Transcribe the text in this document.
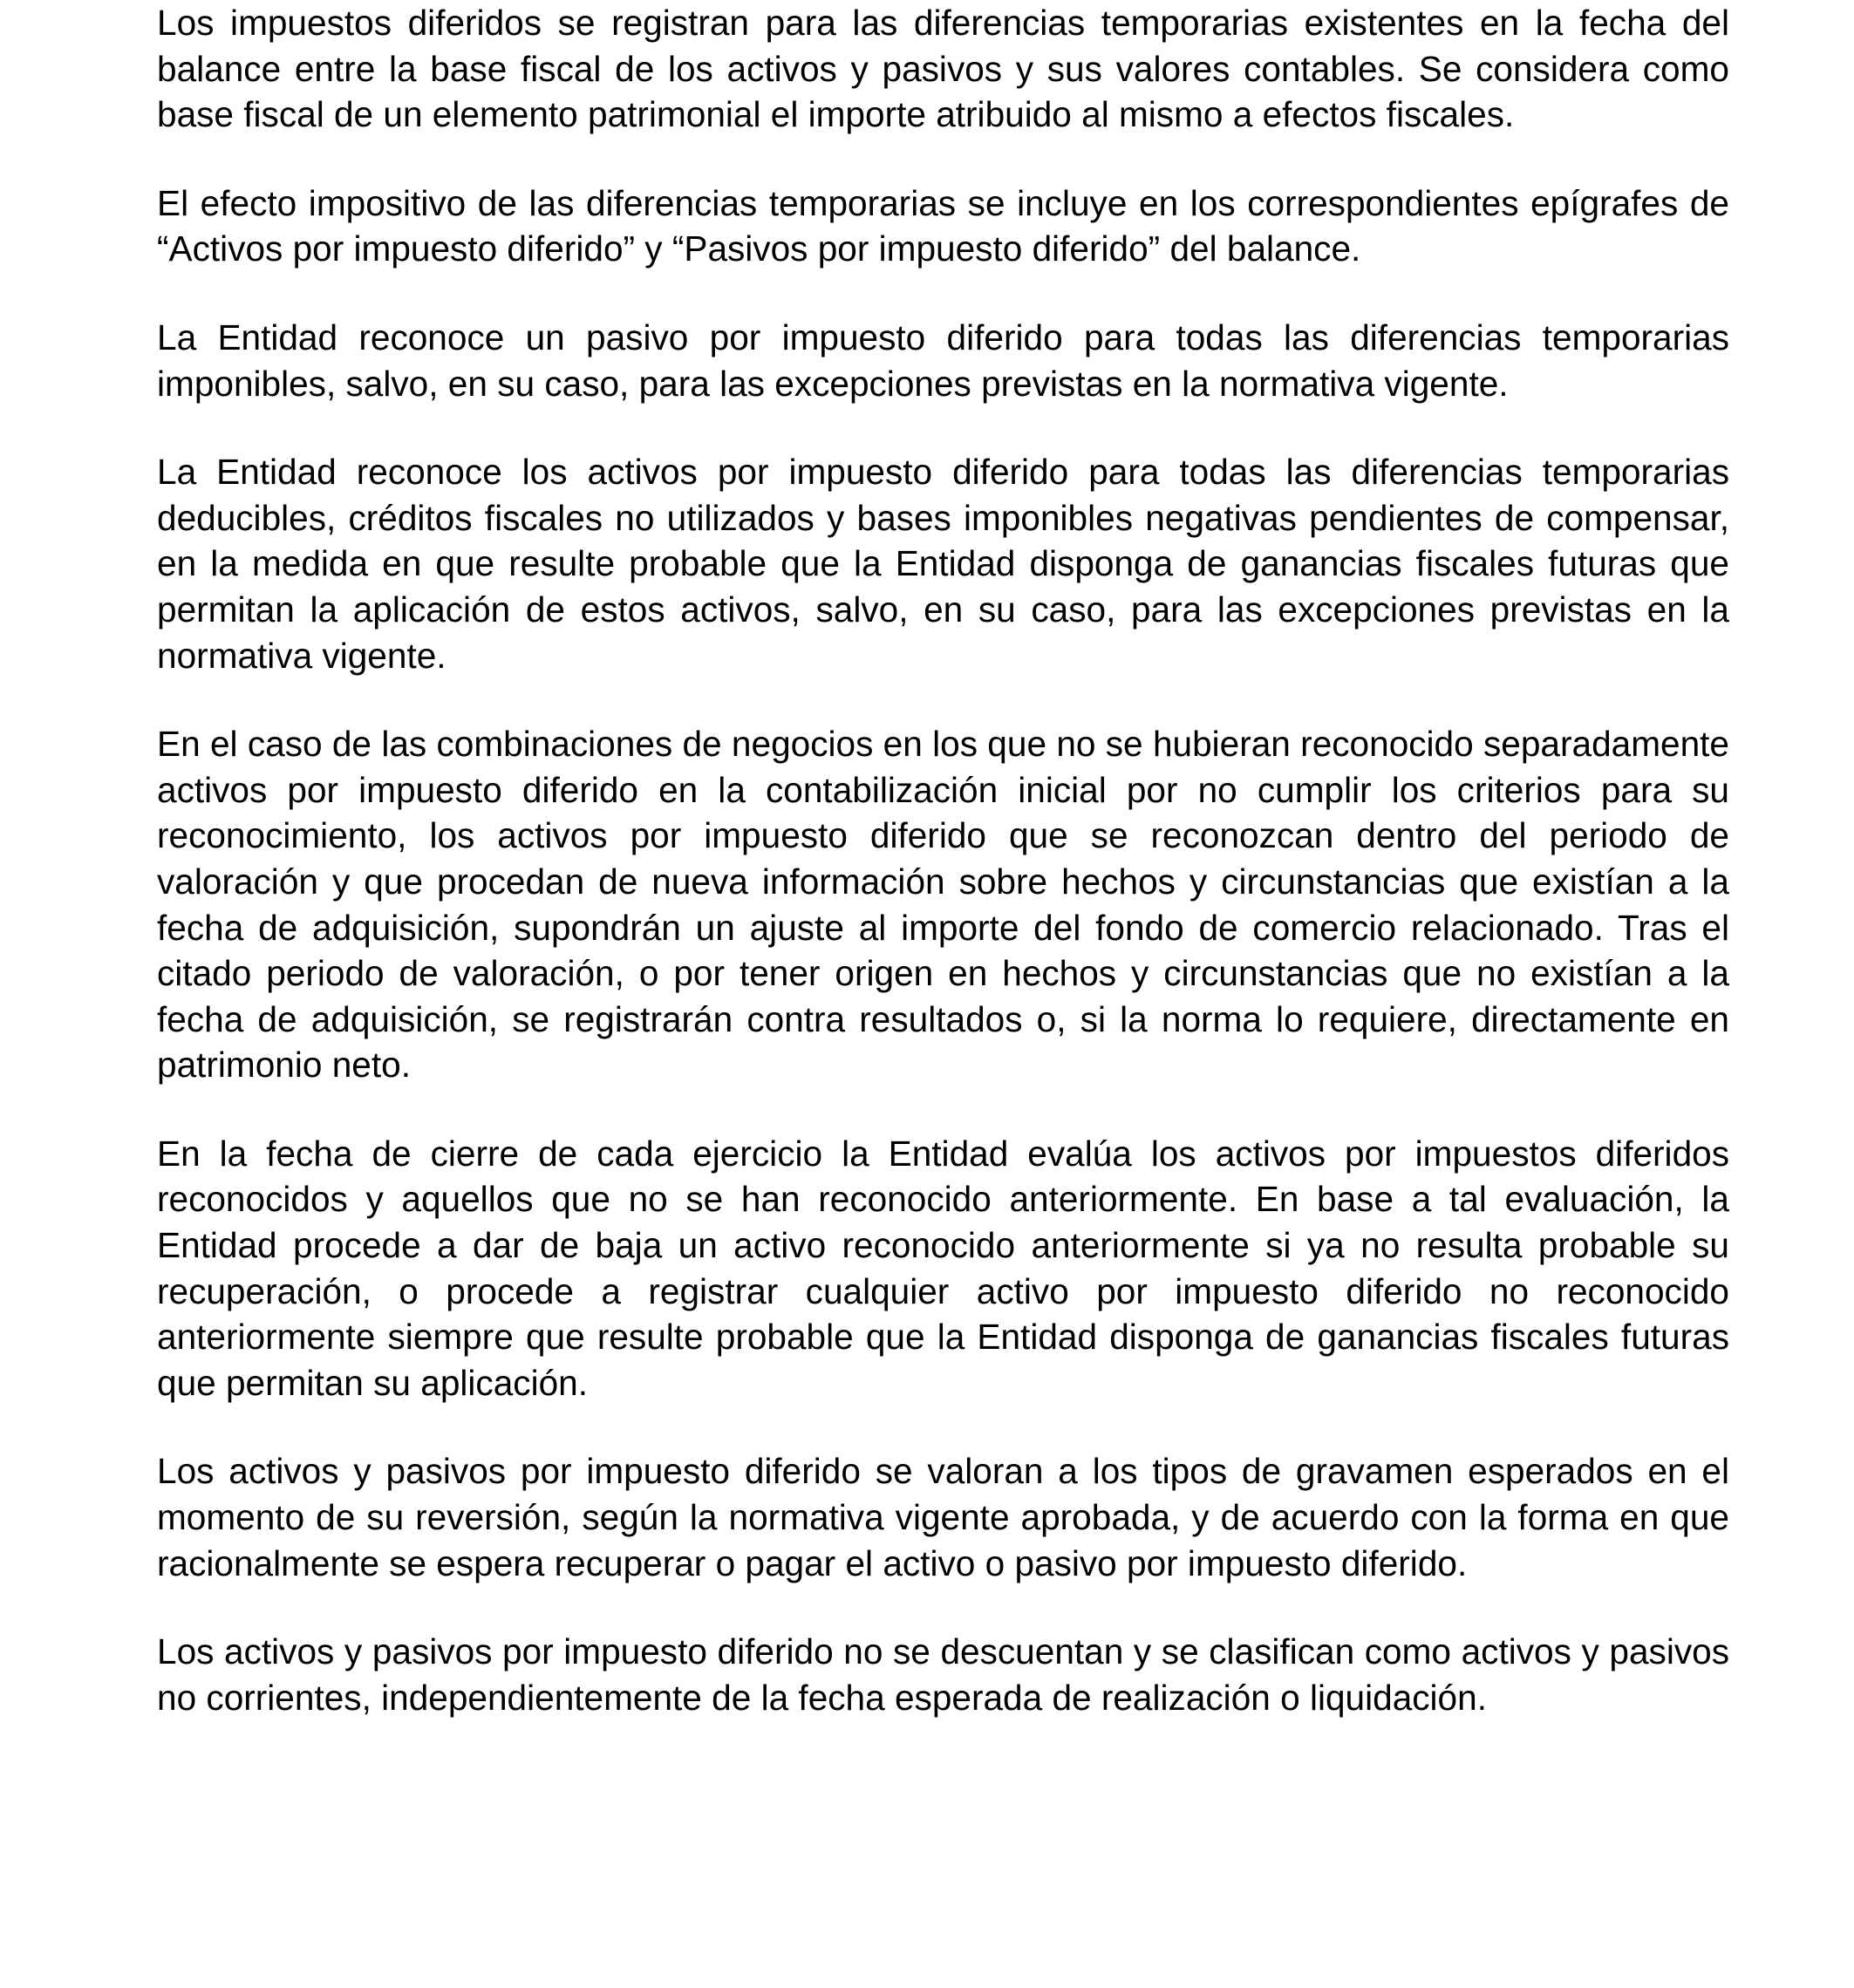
Los impuestos diferidos se registran para las diferencias temporarias existentes en la fecha del balance entre la base fiscal de los activos y pasivos y sus valores contables. Se considera como base fiscal de un elemento patrimonial el importe atribuido al mismo a efectos fiscales.

El efecto impositivo de las diferencias temporarias se incluye en los correspondientes epígrafes de “Activos por impuesto diferido” y “Pasivos por impuesto diferido” del balance.

La Entidad reconoce un pasivo por impuesto diferido para todas las diferencias temporarias imponibles, salvo, en su caso, para las excepciones previstas en la normativa vigente.

La Entidad reconoce los activos por impuesto diferido para todas las diferencias temporarias deducibles, créditos fiscales no utilizados y bases imponibles negativas pendientes de compensar, en la medida en que resulte probable que la Entidad disponga de ganancias fiscales futuras que permitan la aplicación de estos activos, salvo, en su caso, para las excepciones previstas en la normativa vigente.

En el caso de las combinaciones de negocios en los que no se hubieran reconocido separadamente activos por impuesto diferido en la contabilización inicial por no cumplir los criterios para su reconocimiento, los activos por impuesto diferido que se reconozcan dentro del periodo de valoración y que procedan de nueva información sobre hechos y circunstancias que existían a la fecha de adquisición, supondrán un ajuste al importe del fondo de comercio relacionado. Tras el citado periodo de valoración, o por tener origen en hechos y circunstancias que no existían a la fecha de adquisición, se registrarán contra resultados o, si la norma lo requiere, directamente en patrimonio neto.

En la fecha de cierre de cada ejercicio la Entidad evalúa los activos por impuestos diferidos reconocidos y aquellos que no se han reconocido anteriormente. En base a tal evaluación, la Entidad procede a dar de baja un activo reconocido anteriormente si ya no resulta probable su recuperación, o procede a registrar cualquier activo por impuesto diferido no reconocido anteriormente siempre que resulte probable que la Entidad disponga de ganancias fiscales futuras que permitan su aplicación.

Los activos y pasivos por impuesto diferido se valoran a los tipos de gravamen esperados en el momento de su reversión, según la normativa vigente aprobada, y de acuerdo con la forma en que racionalmente se espera recuperar o pagar el activo o pasivo por impuesto diferido.

Los activos y pasivos por impuesto diferido no se descuentan y se clasifican como activos y pasivos no corrientes, independientemente de la fecha esperada de realización o liquidación.
